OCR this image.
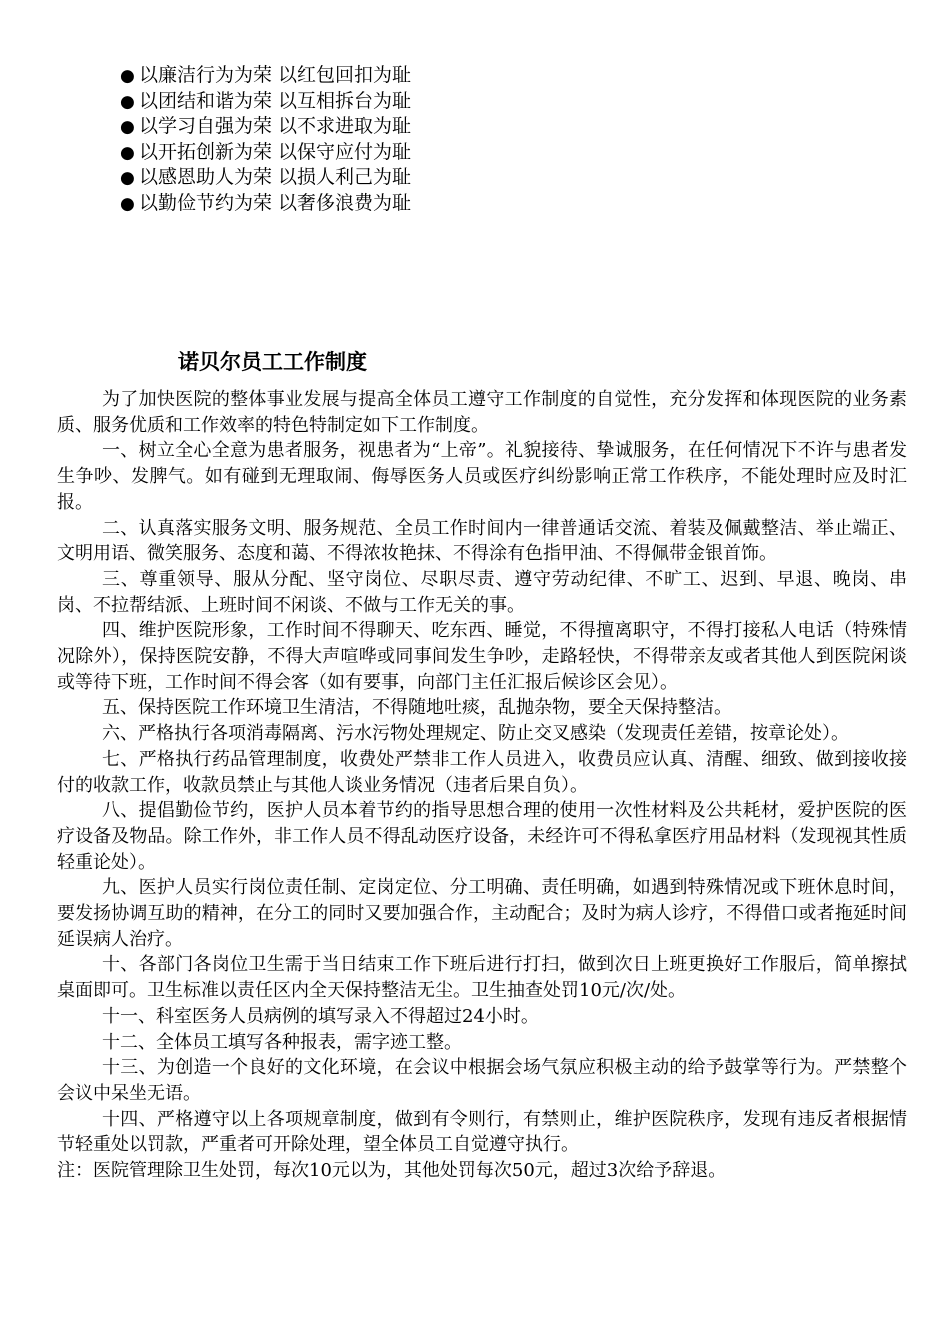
● 以廉洁行为为荣 以红包回扣为耻
● 以团结和谐为荣 以互相拆台为耻
● 以学习自强为荣 以不求进取为耻
● 以开拓创新为荣 以保守应付为耻
● 以感恩助人为荣 以损人利己为耻
● 以勤俭节约为荣 以奢侈浪费为耻
诺贝尔员工工作制度

为了加快医院的整体事业发展与提高全体员工遵守工作制度的自觉性，充分发挥和体现医院的业务素质、服务优质和工作效率的特色特制定如下工作制度。

一、树立全心全意为患者服务，视患者为“上帝”。礼貌接待、挚诚服务，在任何情况下不许与患者发生争吵、发脾气。如有碰到无理取闹、侮辱医务人员或医疗纠纷影响正常工作秩序，不能处理时应及时汇报。

二、认真落实服务文明、服务规范、全员工作时间内一律普通话交流、着装及佩戴整洁、举止端正、文明用语、微笑服务、态度和蔼、不得浓妆艳抹、不得涂有色指甲油、不得佩带金银首饰。

三、尊重领导、服从分配、坚守岗位、尽职尽责、遵守劳动纪律、不旷工、迟到、早退、晚岗、串岗、不拉帮结派、上班时间不闲谈、不做与工作无关的事。

四、维护医院形象，工作时间不得聊天、吃东西、睡觉，不得擅离职守，不得打接私人电话（特殊情况除外），保持医院安静，不得大声喧哗或同事间发生争吵，走路轻快，不得带亲友或者其他人到医院闲谈或等待下班，工作时间不得会客（如有要事，向部门主任汇报后候诊区会见）。

五、保持医院工作环境卫生清洁，不得随地吐痰，乱抛杂物，要全天保持整洁。

六、严格执行各项消毒隔离、污水污物处理规定、防止交叉感染（发现责任差错，按章论处）。

七、严格执行药品管理制度，收费处严禁非工作人员进入，收费员应认真、清醒、细致、做到接收接付的收款工作，收款员禁止与其他人谈业务情况（违者后果自负）。

八、提倡勤俭节约，医护人员本着节约的指导思想合理的使用一次性材料及公共耗材，爱护医院的医疗设备及物品。除工作外，非工作人员不得乱动医疗设备，未经许可不得私拿医疗用品材料（发现视其性质轻重论处）。

九、医护人员实行岗位责任制、定岗定位、分工明确、责任明确，如遇到特殊情况或下班休息时间，要发扬协调互助的精神，在分工的同时又要加强合作，主动配合；及时为病人诊疗，不得借口或者拖延时间延误病人治疗。

十、各部门各岗位卫生需于当日结束工作下班后进行打扫，做到次日上班更换好工作服后，简单擦拭桌面即可。卫生标准以责任区内全天保持整洁无尘。卫生抽查处罚10元/次/处。

十一、科室医务人员病例的填写录入不得超过24小时。

十二、全体员工填写各种报表，需字迹工整。

十三、为创造一个良好的文化环境，在会议中根据会场气氛应积极主动的给予鼓掌等行为。严禁整个会议中呆坐无语。

十四、严格遵守以上各项规章制度，做到有令则行，有禁则止，维护医院秩序，发现有违反者根据情节轻重处以罚款，严重者可开除处理，望全体员工自觉遵守执行。

注：医院管理除卫生处罚，每次10元以为，其他处罚每次50元，超过3次给予辞退。
